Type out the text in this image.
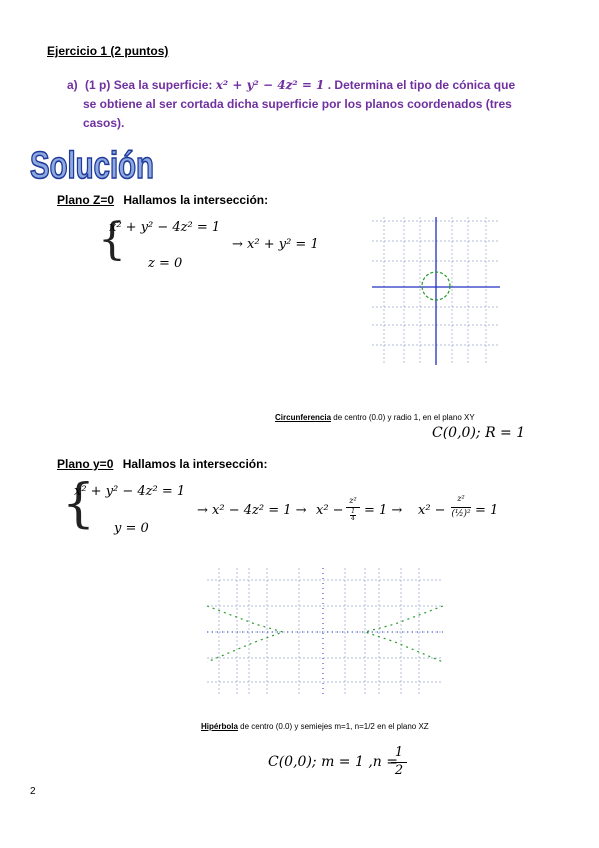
Ejercicio 1 (2 puntos)
a) (1 p) Sea la superficie: x² + y² − 4z² = 1 . Determina el tipo de cónica que
se obtiene al ser cortada dicha superficie por los planos coordenados (tres
casos).
Solución
Plano Z=0 Hallamos la intersección:
{
x² + y² − 4z² = 1
z = 0
→ x² + y² = 1
Circunferencia de centro (0.0) y radio 1, en el plano XY
C(0,0); R = 1
Plano y=0 Hallamos la intersección:
{
x² + y² − 4z² = 1
y = 0
→ x² − 4z² = 1 → x² −
z²
1
4
= 1 → x² −
z²
(½)² = 1
Hipérbola de centro (0.0) y semiejes m=1, n=1/2 en el plano XZ
C(0,0); m = 1 ,n =
1
2
2
